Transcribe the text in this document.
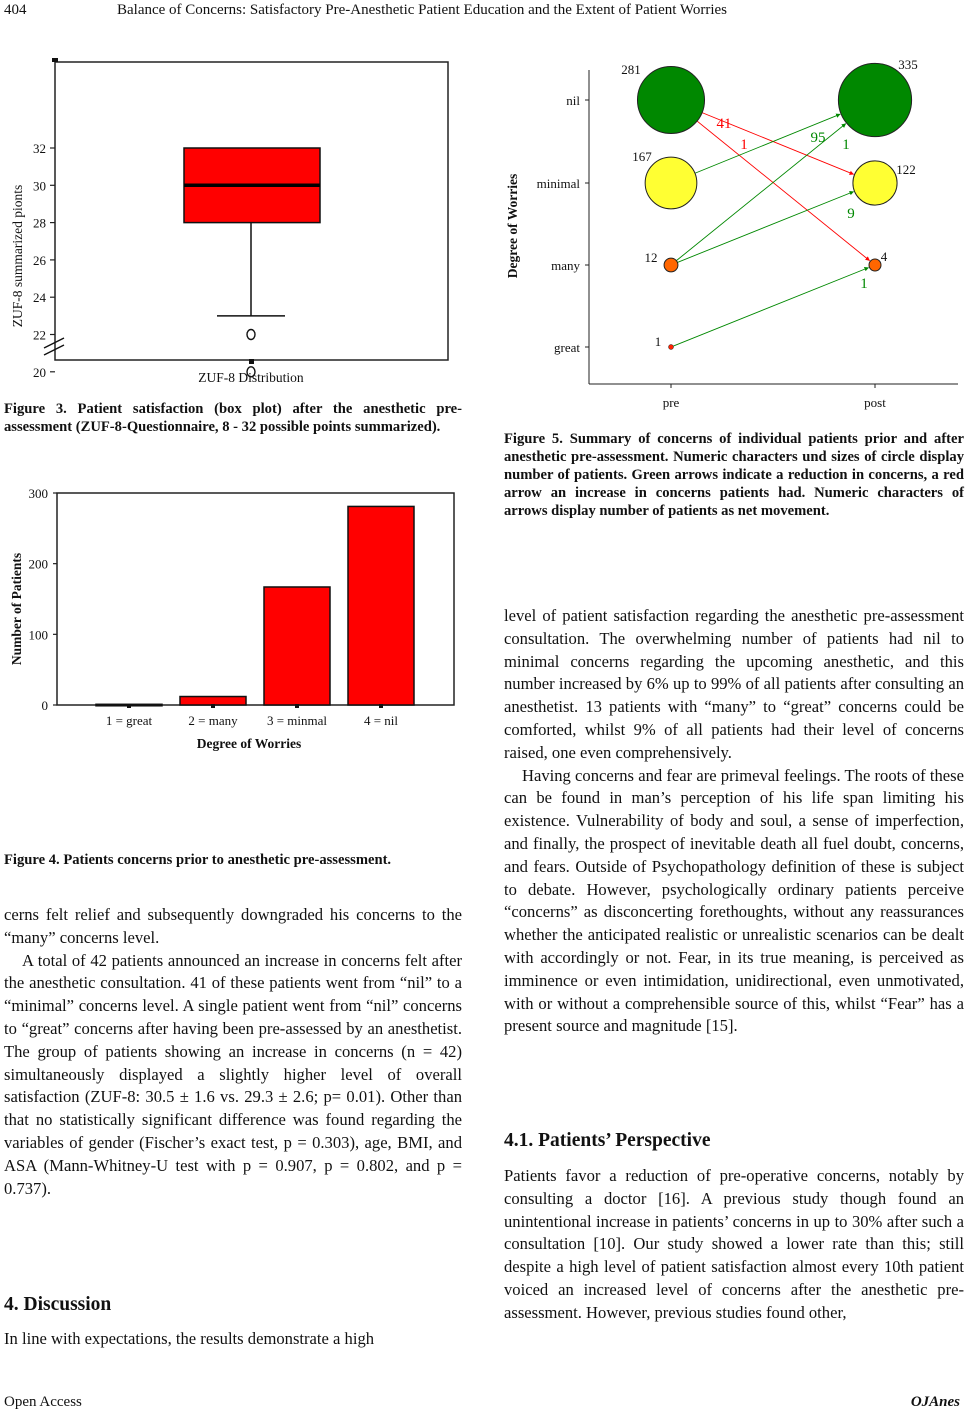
404	Balance of Concerns: Satisfactory Pre-Anesthetic Patient Education and the Extent of Patient Worries
20
22
24
26
28
30
32
ZUF-8 summarized pionts
ZUF-8 Distribution
Figure 3. Patient satisfaction (box plot) after the anesthetic pre-assessment (ZUF-8-Questionnaire, 8 - 32 possible points summarized).
0
100
200
300
1 = great	2 = many 3 = minmal	4 = nil
Number of Patients
Degree of Worries
Figure 4. Patients concerns prior to anesthetic pre-assessment.

cerns felt relief and subsequently downgraded his concerns to the “many” concerns level.

A total of 42 patients announced an increase in concerns felt after the anesthetic consultation. 41 of these patients went from “nil” to a “minimal” concerns level. A single patient went from “nil” concerns to “great” concerns after having been pre-assessed by an anesthetist. The group of patients showing an increase in concerns (n = 42) simultaneously displayed a slightly higher level of overall satisfaction (ZUF-8: 30.5 ± 1.6 vs. 29.3 ± 2.6; p= 0.01). Other than that no statistically significant difference was found regarding the variables of gender (Fischer’s exact test, p = 0.303), age, BMI, and ASA (Mann-Whitney-U test with p = 0.907, p = 0.802, and p = 0.737).

4. Discussion
In line with expectations, the results demonstrate a high
great
many
minimal
nil
pre	post
41
1	95 1
9
1
281
167
12
1
335
122
4
Degree of Worries
Figure 5. Summary of concerns of individual patients prior and after anesthetic pre-assessment. Numeric characters und sizes of circle display number of patients. Green arrows indicate a reduction in concerns, a red arrow an increase in concerns patients had. Numeric characters of arrows display number of patients as net movement.

level of patient satisfaction regarding the anesthetic pre-assessment consultation. The overwhelming number of patients had nil to minimal concerns regarding the upcoming anesthetic, and this number increased by 6% up to 99% of all patients after consulting an anesthetist. 13 patients with “many” to “great” concerns could be comforted, whilst 9% of all patients had their level of concerns raised, one even comprehensively.

Having concerns and fear are primeval feelings. The roots of these can be found in man’s perception of his life span limiting his existence. Vulnerability of body and soul, a sense of imperfection, and finally, the prospect of inevitable death all fuel doubt, concerns, and fears. Outside of Psychopathology definition of these is subject to debate. However, psychologically ordinary patients perceive “concerns” as disconcerting forethoughts, without any reassurances whether the anticipated realistic or unrealistic scenarios can be dealt with accordingly or not. Fear, in its true meaning, is perceived as imminence or even intimidation, unidirectional, even unmotivated, with or without a comprehensible source of this, whilst “Fear” has a present source and magnitude [15].

4.1. Patients’ Perspective
Patients favor a reduction of pre-operative concerns, notably by consulting a doctor [16]. A previous study though found an unintentional increase in patients’ concerns in up to 30% after such a consultation [10]. Our study showed a lower rate than this; still despite a high level of patient satisfaction almost every 10th patient voiced an increased level of concerns after the anesthetic pre-assessment. However, previous studies found other,
Open Access	OJAnes
